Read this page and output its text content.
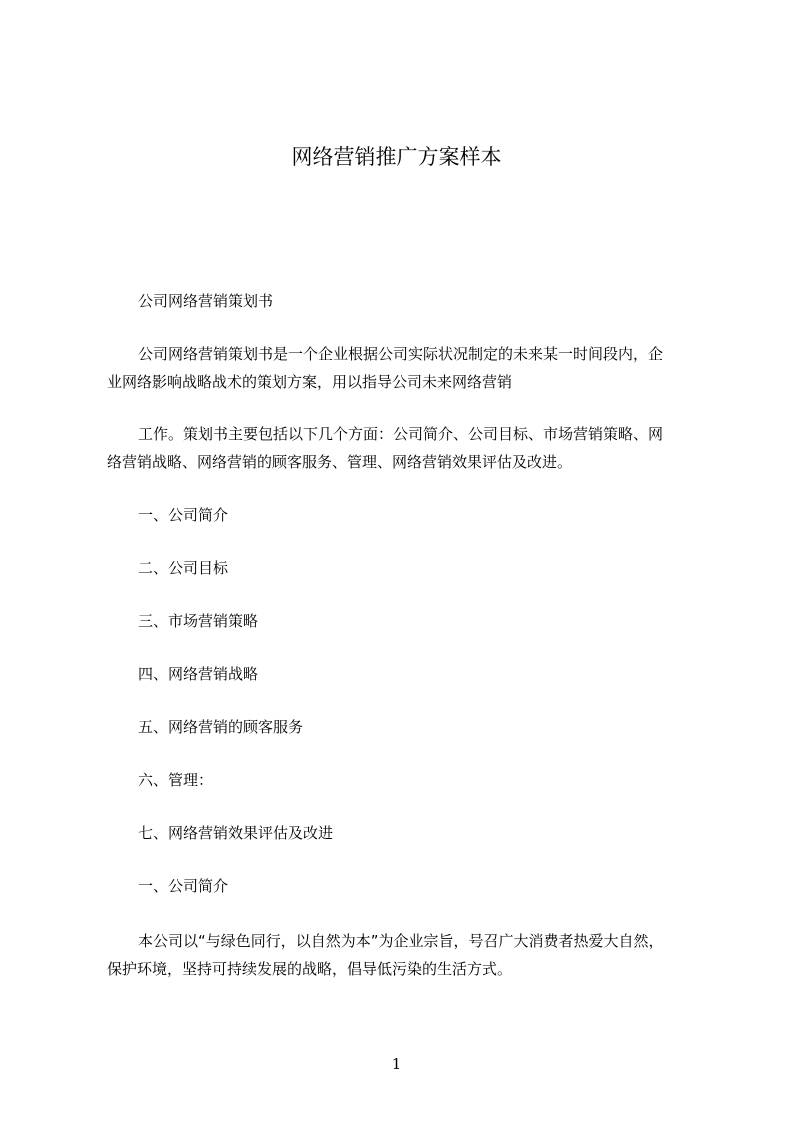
网络营销推广方案样本
公司网络营销策划书

公司网络营销策划书是一个企业根据公司实际状况制定的未来某一时间段内，企
业网络影响战略战术的策划方案，用以指导公司未来网络营销

工作。策划书主要包括以下几个方面：公司简介、公司目标、市场营销策略、网
络营销战略、网络营销的顾客服务、管理、网络营销效果评估及改进。

一、公司简介
二、公司目标
三、市场营销策略
四、网络营销战略
五、网络营销的顾客服务
六、管理：
七、网络营销效果评估及改进
一、公司简介

本公司以“与绿色同行，以自然为本”为企业宗旨，号召广大消费者热爱大自然，
保护环境，坚持可持续发展的战略，倡导低污染的生活方式。

1
